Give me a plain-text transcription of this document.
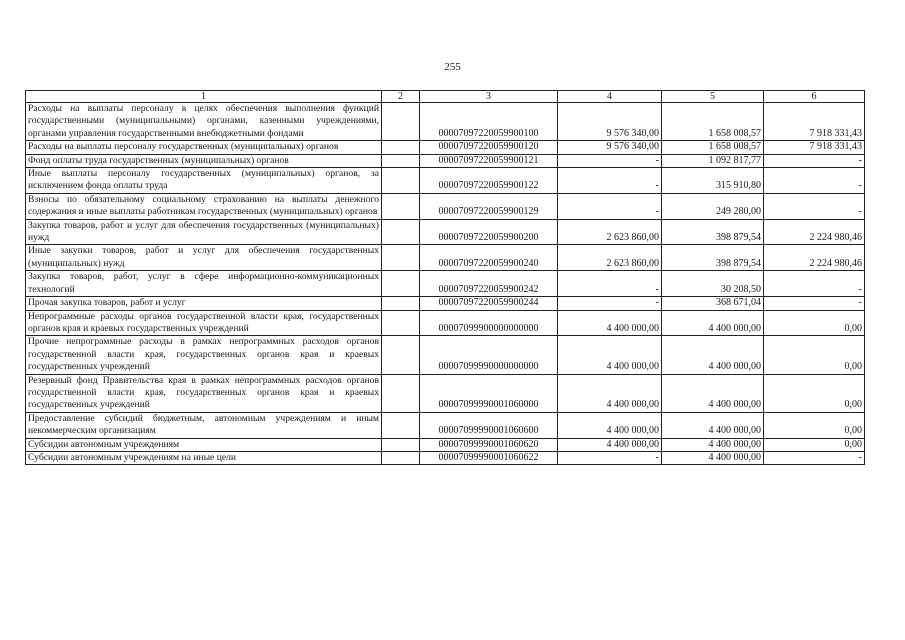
255
1	2	3	4	5	6
Расходы на выплаты персоналу в целях обеспечения выполнения функций государственными (муниципальными) органами, казенными учреждениями, органами управления государственными внебюджетными фондами		00007097220059900100	9 576 340,00	1 658 008,57	7 918 331,43
Расходы на выплаты персоналу государственных (муниципальных) органов		00007097220059900120	9 576 340,00	1 658 008,57	7 918 331,43
Фонд оплаты труда государственных (муниципальных) органов		00007097220059900121	-	1 092 817,77	-
Иные выплаты персоналу государственных (муниципальных) органов, за исключением фонда оплаты труда		00007097220059900122	-	315 910,80	-
Взносы по обязательному социальному страхованию на выплаты денежного содержания и иные выплаты работникам государственных (муниципальных) органов		00007097220059900129	-	249 280,00	-
Закупка товаров, работ и услуг для обеспечения государственных (муниципальных) нужд		00007097220059900200	2 623 860,00	398 879,54	2 224 980,46
Иные закупки товаров, работ и услуг для обеспечения государственных (муниципальных) нужд		00007097220059900240	2 623 860,00	398 879,54	2 224 980,46
Закупка товаров, работ, услуг в сфере информационно-коммуникационных технологий		00007097220059900242	-	30 208,50	-
Прочая закупка товаров, работ и услуг		00007097220059900244	-	368 671,04	-
Непрограммные расходы органов государственной власти края, государственных органов края и краевых государственных учреждений		00007099900000000000	4 400 000,00	4 400 000,00	0,00
Прочие непрограммные расходы в рамках непрограммных расходов органов государственной власти края, государственных органов края и краевых государственных учреждений		00007099990000000000	4 400 000,00	4 400 000,00	0,00
Резервный фонд Правительства края в рамках непрограммных расходов органов государственной власти края, государственных органов края и краевых государственных учреждений		00007099990001060000	4 400 000,00	4 400 000,00	0,00
Предоставление субсидий бюджетным, автономным учреждениям и иным некоммерческим организациям		00007099990001060600	4 400 000,00	4 400 000,00	0,00
Субсидии автономным учреждениям		00007099990001060620	4 400 000,00	4 400 000,00	0,00
Субсидии автономным учреждениям на иные цели		00007099990001060622	-	4 400 000,00	-
